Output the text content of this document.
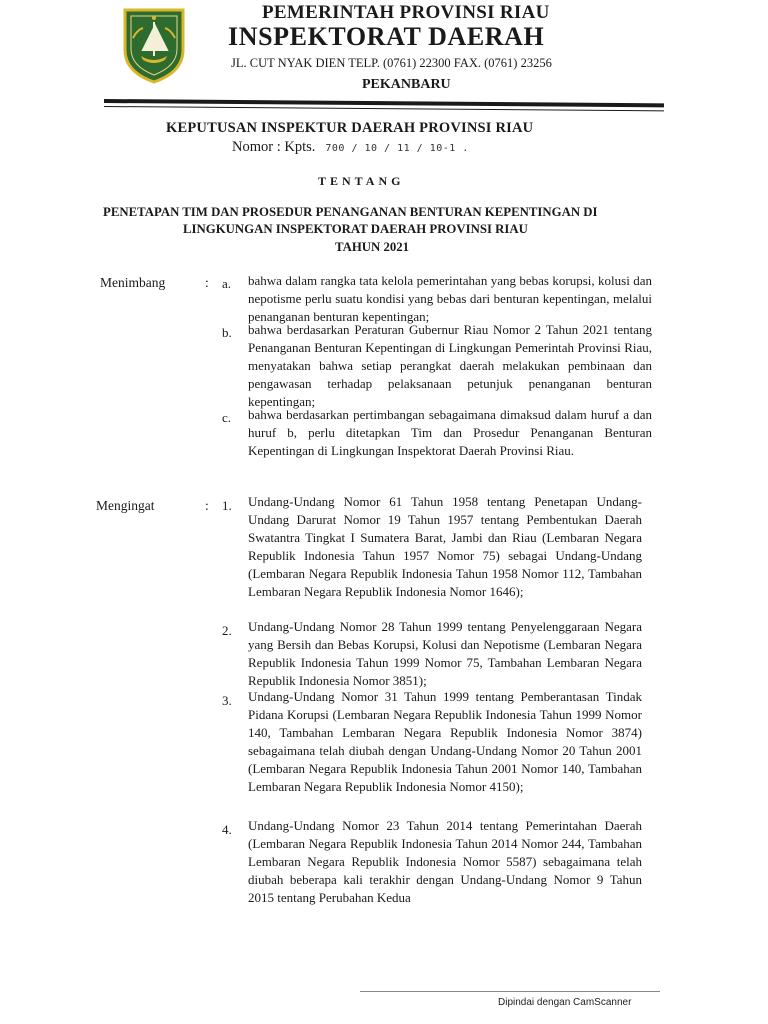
PEMERINTAH PROVINSI RIAU
INSPEKTORAT DAERAH
JL. CUT NYAK DIEN TELP. (0761) 22300 FAX. (0761) 23256
PEKANBARU
KEPUTUSAN INSPEKTUR DAERAH PROVINSI RIAU
Nomor : Kpts. 700 / 10 / 11 / 10-1 .
TENTANG
PENETAPAN TIM DAN PROSEDUR PENANGANAN BENTURAN KEPENTINGAN DI
LINGKUNGAN INSPEKTORAT DAERAH PROVINSI RIAU
TAHUN 2021
Menimbang	: a. bahwa dalam rangka tata kelola pemerintahan yang bebas korupsi, kolusi dan nepotisme perlu suatu kondisi yang bebas dari benturan kepentingan, melalui penanganan benturan kepentingan;
b. bahwa berdasarkan Peraturan Gubernur Riau Nomor 2 Tahun 2021 tentang Penanganan Benturan Kepentingan di Lingkungan Pemerintah Provinsi Riau, menyatakan bahwa setiap perangkat daerah melakukan pembinaan dan pengawasan terhadap pelaksanaan petunjuk penanganan benturan kepentingan;
c. bahwa berdasarkan pertimbangan sebagaimana dimaksud dalam huruf a dan huruf b, perlu ditetapkan Tim dan Prosedur Penanganan Benturan Kepentingan di Lingkungan Inspektorat Daerah Provinsi Riau.
Mengingat	: 1. Undang-Undang Nomor 61 Tahun 1958 tentang Penetapan Undang-Undang Darurat Nomor 19 Tahun 1957 tentang Pembentukan Daerah Swatantra Tingkat I Sumatera Barat, Jambi dan Riau (Lembaran Negara Republik Indonesia Tahun 1957 Nomor 75) sebagai Undang-Undang (Lembaran Negara Republik Indonesia Tahun 1958 Nomor 112, Tambahan Lembaran Negara Republik Indonesia Nomor 1646);
2. Undang-Undang Nomor 28 Tahun 1999 tentang Penyelenggaraan Negara yang Bersih dan Bebas Korupsi, Kolusi dan Nepotisme (Lembaran Negara Republik Indonesia Tahun 1999 Nomor 75, Tambahan Lembaran Negara Republik Indonesia Nomor 3851);
3. Undang-Undang Nomor 31 Tahun 1999 tentang Pemberantasan Tindak Pidana Korupsi (Lembaran Negara Republik Indonesia Tahun 1999 Nomor 140, Tambahan Lembaran Negara Republik Indonesia Nomor 3874) sebagaimana telah diubah dengan Undang-Undang Nomor 20 Tahun 2001 (Lembaran Negara Republik Indonesia Tahun 2001 Nomor 140, Tambahan Lembaran Negara Republik Indonesia Nomor 4150);
4. Undang-Undang Nomor 23 Tahun 2014 tentang Pemerintahan Daerah (Lembaran Negara Republik Indonesia Tahun 2014 Nomor 244, Tambahan Lembaran Negara Republik Indonesia Nomor 5587) sebagaimana telah diubah beberapa kali terakhir dengan Undang-Undang Nomor 9 Tahun 2015 tentang Perubahan Kedua
Dipindai dengan CamScanner
